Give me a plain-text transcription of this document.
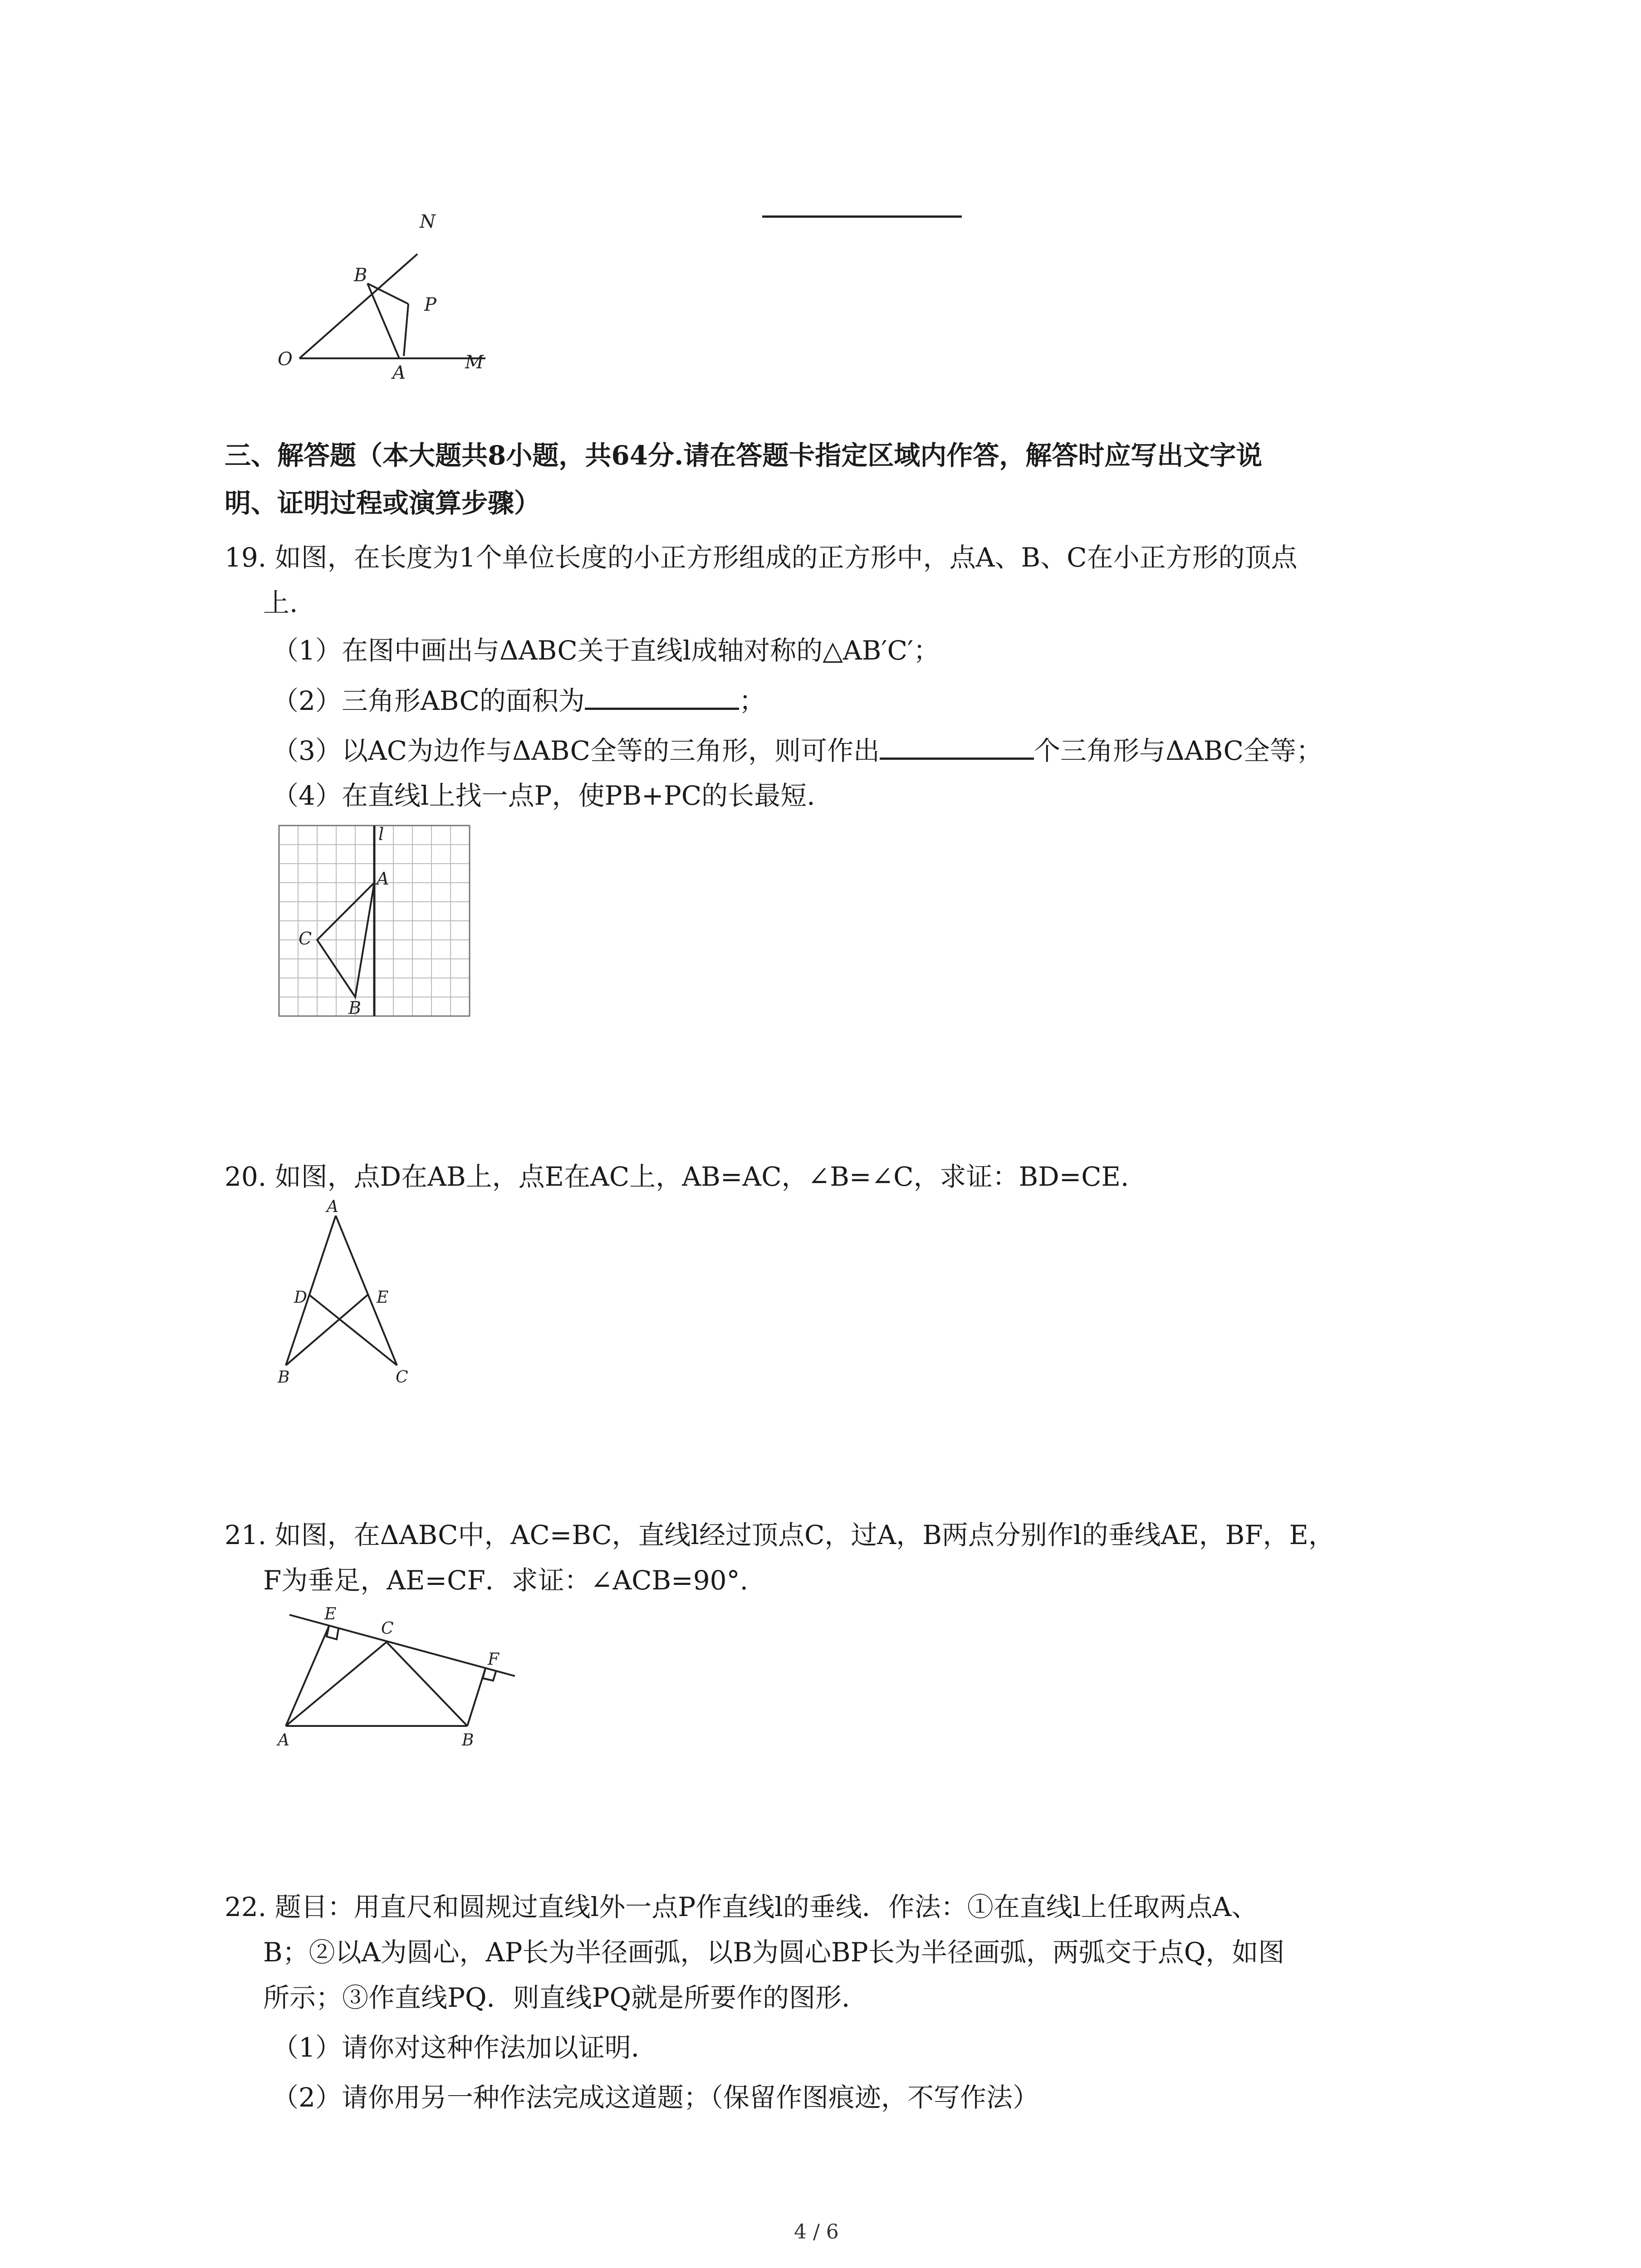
N
B
P
O
A	M
三、解答题（本大题共8小题，共64分.请在答题卡指定区域内作答，解答时应写出文字说
明、证明过程或演算步骤）
19. 如图，在长度为1个单位长度的小正方形组成的正方形中，点A、B、C在小正方形的顶点
上.
（1）在图中画出与ΔABC关于直线l成轴对称的△AB′C′；
（2）三角形ABC的面积为	；
（3）以AC为边作与ΔABC全等的三角形，则可作出	个三角形与ΔABC全等；
（4）在直线l上找一点P，使PB+PC的长最短.
l
A
C
B
20. 如图，点D在AB上，点E在AC上，AB=AC，∠B=∠C，求证：BD=CE.
A
D	E
B	C
21. 如图，在ΔABC中，AC=BC，直线l经过顶点C，过A，B两点分别作l的垂线AE，BF，E，
F为垂足，AE=CF．求证：∠ACB=90°.
E
C
F
A	B
22. 题目：用直尺和圆规过直线l外一点P作直线l的垂线．作法：①在直线l上任取两点A、
B；②以A为圆心，AP长为半径画弧，以B为圆心BP长为半径画弧，两弧交于点Q，如图
所示；③作直线PQ．则直线PQ就是所要作的图形．
（1）请你对这种作法加以证明．
（2）请你用另一种作法完成这道题；（保留作图痕迹，不写作法）
4 / 6
